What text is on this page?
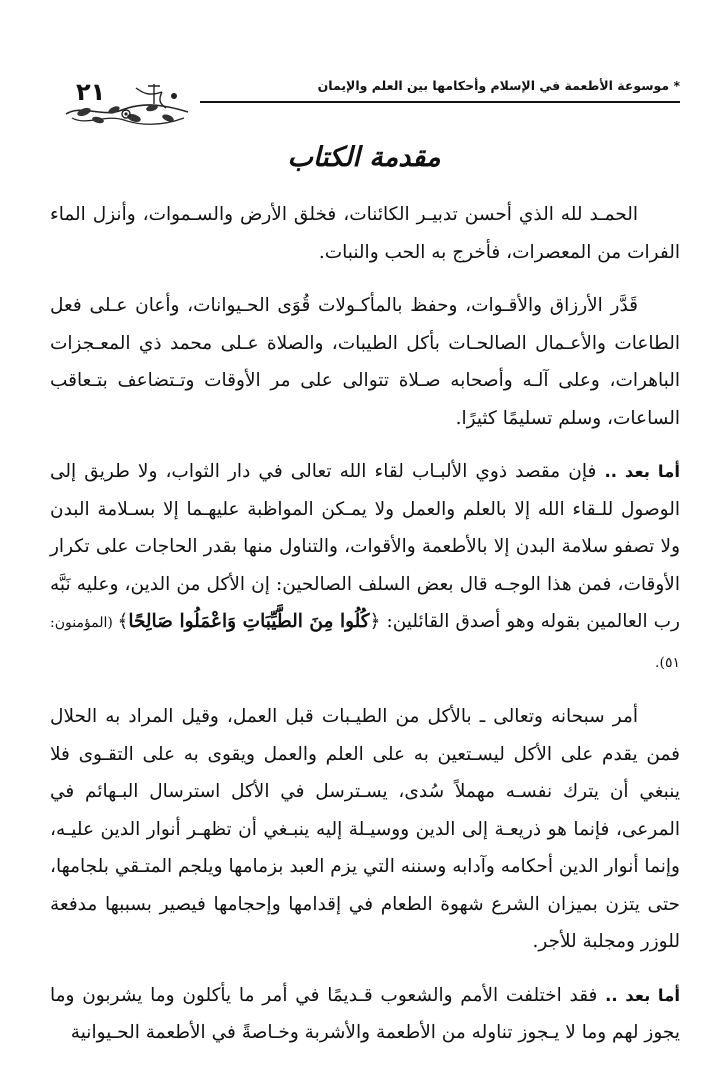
* موسوعة الأطعمة في الإسلام وأحكامها بين العلم والإيمان
٢١
مقدمة الكتاب

الحمـد لله الذي أحسن تدبيـر الكائنات، فخلق الأرض والسـموات، وأنزل الماء الفرات من المعصرات، فأخرج به الحب والنبات.

قَدَّر الأرزاق والأقـوات، وحفظ بالمأكـولات قُوَى الحـيوانات، وأعان عـلى فعل الطاعات والأعـمال الصالحـات بأكل الطيبات، والصلاة عـلى محمد ذي المعـجزات الباهرات، وعلى آلـه وأصحابه صـلاة تتوالى على مر الأوقات وتـتضاعف بتـعاقب الساعات، وسلم تسليمًا كثيرًا.

أما بعد .. فإن مقصد ذوي الألبـاب لقاء الله تعالى في دار الثواب، ولا طريق إلى الوصول للـقاء الله إلا بالعلم والعمل ولا يمـكن المواظبة عليهـما إلا بسـلامة البدن ولا تصفو سلامة البدن إلا بالأطعمة والأقوات، والتناول منها بقدر الحاجات على تكرار الأوقات، فمن هذا الوجـه قال بعض السلف الصالحين: إن الأكل من الدين، وعليه نَبَّه رب العالمين بقوله وهو أصدق القائلين: ﴿كُلُوا مِنَ الطَّيِّبَاتِ وَاعْمَلُوا صَالِحًا﴾ (المؤمنون: ٥١).

أمر سبحانه وتعالى ـ بالأكل من الطيـبات قبل العمل، وقيل المراد به الحلال فمن يقدم على الأكل ليسـتعين به على العلم والعمل ويقوى به على التقـوى فلا ينبغي أن يترك نفسـه مهملاً سُدى، يسـترسل في الأكل استرسال البـهائم في المرعى، فإنما هو ذريعـة إلى الدين ووسيـلة إليه ينبـغي أن تظهـر أنوار الدين عليـه، وإنما أنوار الدين أحكامه وآدابه وسننه التي يزم العبد بزمامها ويلجم المتـقي بلجامها، حتى يتزن بميزان الشرع شهوة الطعام في إقدامها وإحجامها فيصير بسببها مدفعة للوزر ومجلبة للأجر.

أما بعد .. فقد اختلفت الأمم والشعوب قـديمًا في أمر ما يأكلون وما يشربون وما يجوز لهم وما لا يـجوز تناوله من الأطعمة والأشربة وخـاصةً في الأطعمة الحـيوانية
